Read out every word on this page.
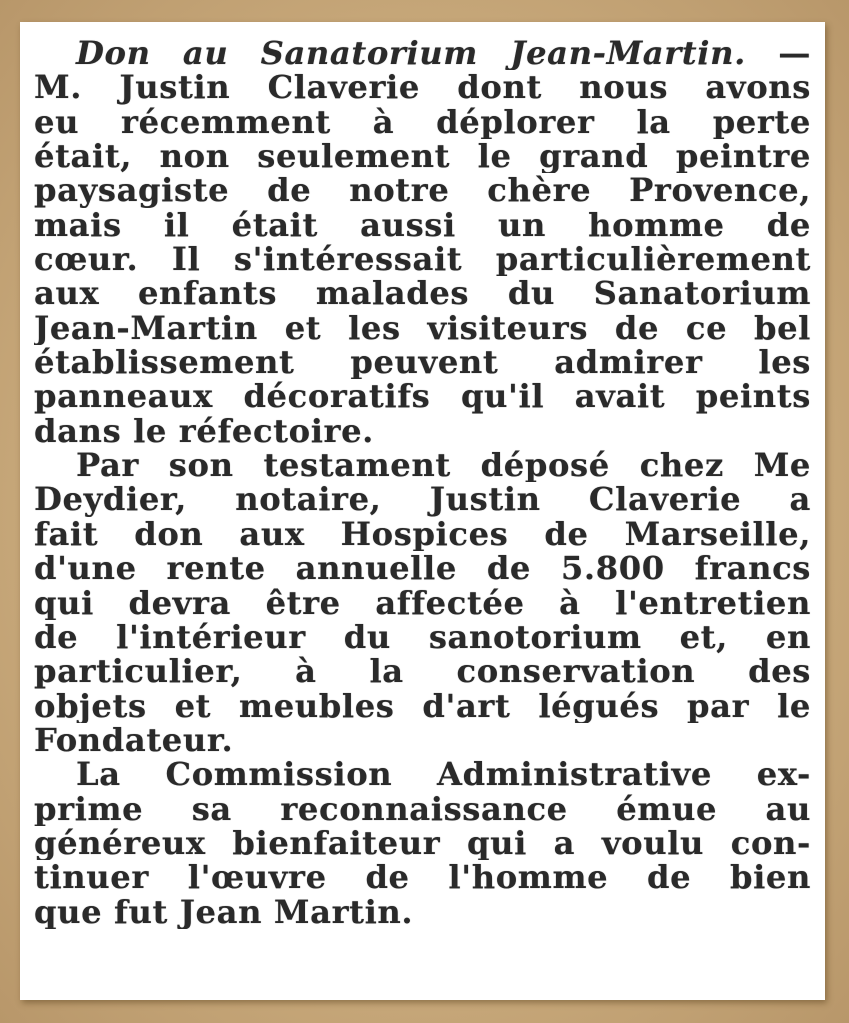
Don au Sanatorium Jean-Martin. —
M. Justin Claverie dont nous avons
eu récemment à déplorer la perte
était, non seulement le grand peintre
paysagiste de notre chère Provence,
mais il était aussi un homme de
cœur. Il s'intéressait particulièrement
aux enfants malades du Sanatorium
Jean-Martin et les visiteurs de ce bel
établissement peuvent admirer les
panneaux décoratifs qu'il avait peints
dans le réfectoire.
Par son testament déposé chez Me
Deydier, notaire, Justin Claverie a
fait don aux Hospices de Marseille,
d'une rente annuelle de 5.800 francs
qui devra être affectée à l'entretien
de l'intérieur du sanotorium et, en
particulier, à la conservation des
objets et meubles d'art légués par le
Fondateur.
La Commission Administrative ex-
prime sa reconnaissance émue au
généreux bienfaiteur qui a voulu con-
tinuer l'œuvre de l'homme de bien
que fut Jean Martin.
